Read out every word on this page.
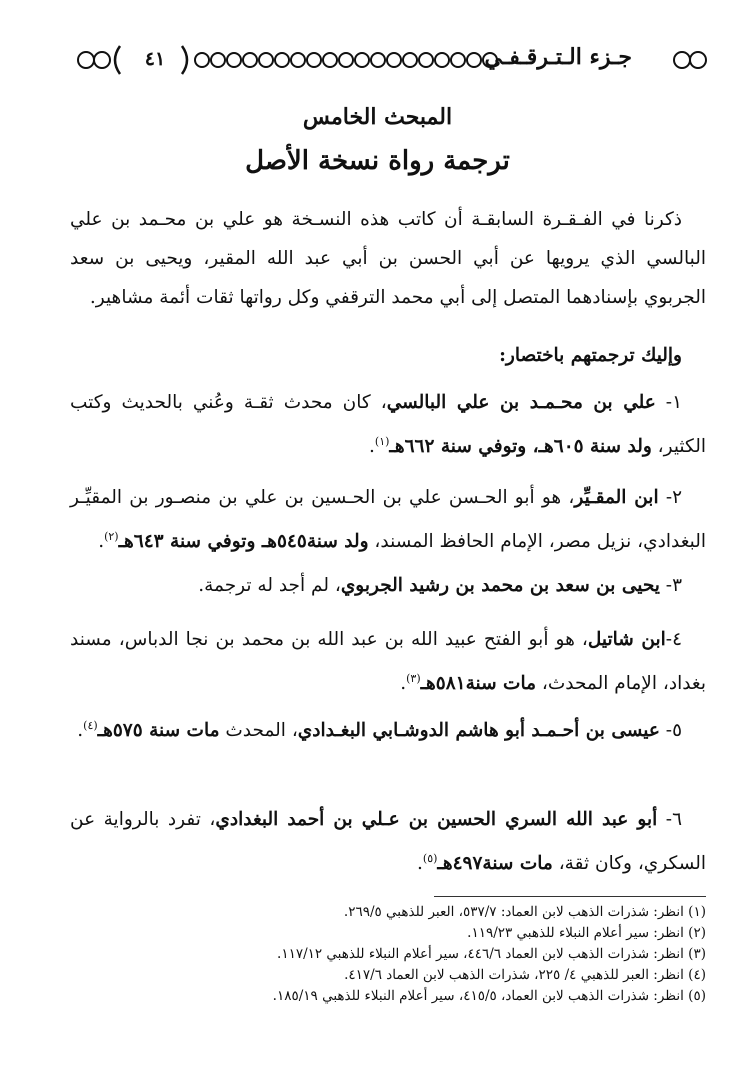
٤١	جـزء الـتـرقـفـي
المبحث الخامس
ترجمة رواة نسخة الأصل
ذكرنا في الفـقـرة السابقـة أن كاتب هذه النسـخة هو علي بن محـمد بن علي البالسي الذي يرويها عن أبي الحسن بن أبي عبد الله المقير، ويحيى بن سعد الجربوي بإسنادهما المتصل إلى أبي محمد الترقفي وكل رواتها ثقات أئمة مشاهير.
وإليك ترجمتهم باختصار:
١- علي بن محـمـد بن علي البالسي، كان محدث ثقـة وعُني بالحديث وكتب الكثير، ولد سنة ٦٠٥هـ، وتوفي سنة ٦٦٢هـ$^{(١)}$.
٢- ابن المقـيِّر، هو أبو الحـسن علي بن الحـسين بن علي بن منصـور بن المقيِّـر البغدادي، نزيل مصر، الإمام الحافظ المسند، ولد سنة٥٤٥هـ وتوفي سنة ٦٤٣هـ$^{(٢)}$.
٣- يحيى بن سعد بن محمد بن رشيد الجربوي، لم أجد له ترجمة.
٤-ابن شاتيل، هو أبو الفتح عبيد الله بن عبد الله بن محمد بن نجا الدباس، مسند بغداد، الإمام المحدث، مات سنة٥٨١هـ$^{(٣)}$.
٥- عيسى بن أحـمـد أبو هاشم الدوشـابي البغـدادي، المحدث مات سنة ٥٧٥هـ$^{(٤)}$.
٦- أبو عبد الله السري الحسين بن عـلي بن أحمد البغدادي، تفرد بالرواية عن السكري، وكان ثقة، مات سنة٤٩٧هـ$^{(٥)}$.
(١) انظر: شذرات الذهب لابن العماد: ٥٣٧/٧، العبر للذهبي ٢٦٩/٥.
(٢) انظر: سير أعلام النبلاء للذهبي ١١٩/٢٣.
(٣) انظر: شذرات الذهب لابن العماد ٤٤٦/٦، سير أعلام النبلاء للذهبي ١١٧/١٢.
(٤) انظر: العبر للذهبي ٤/ ٢٢٥، شذرات الذهب لابن العماد ٤١٧/٦.
(٥) انظر: شذرات الذهب لابن العماد، ٤١٥/٥، سير أعلام النبلاء للذهبي ١٨٥/١٩.
